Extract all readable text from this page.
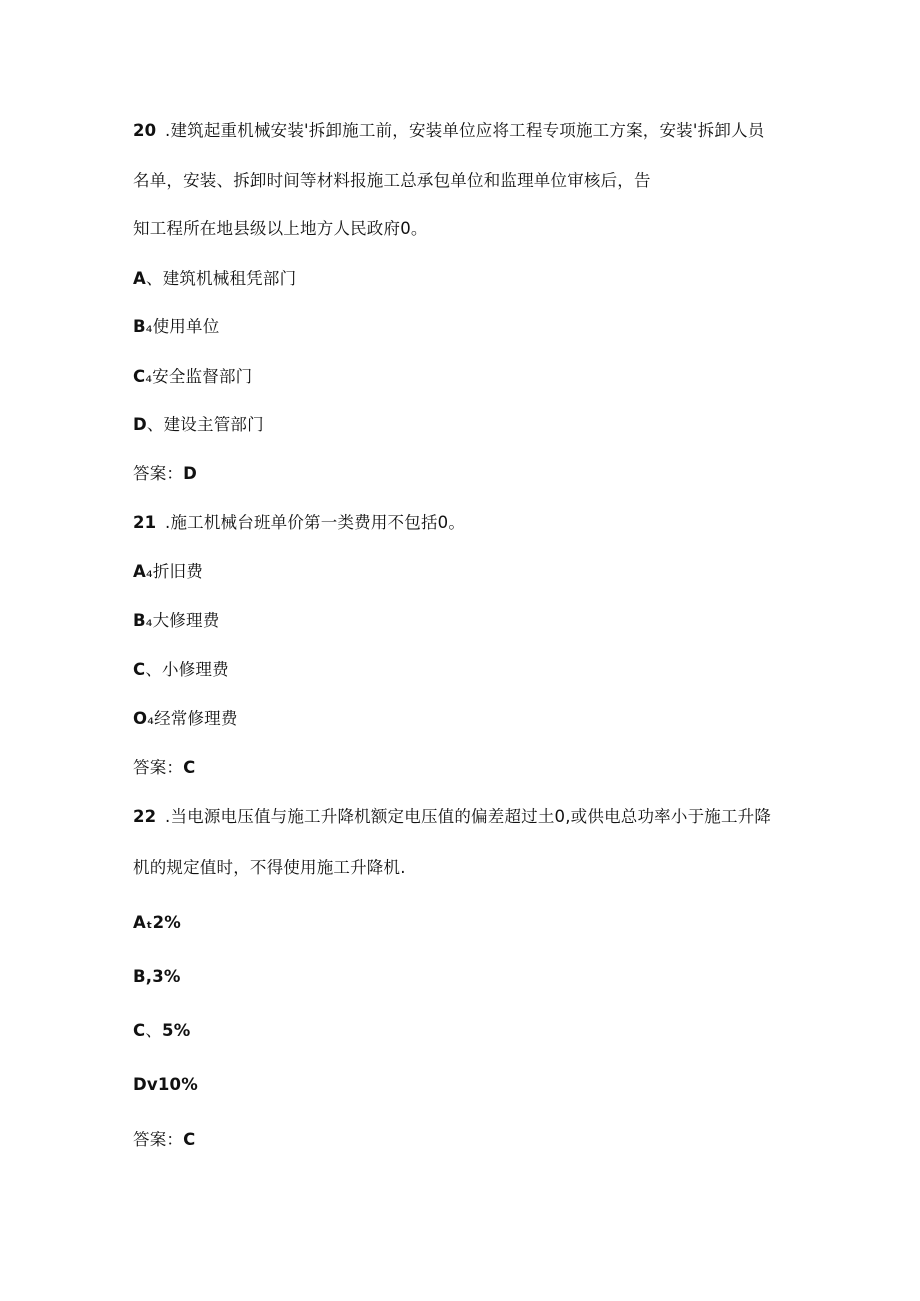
20 .建筑起重机械安装'拆卸施工前，安装单位应将工程专项施工方案，安装'拆卸人员
名单，安装、拆卸时间等材料报施工总承包单位和监理单位审核后，告
知工程所在地县级以上地方人民政府0。
A、建筑机械租凭部门
B₄使用单位
C₄安全监督部门
D、建设主管部门
答案：D
21 .施工机械台班单价第一类费用不包括0。
A₄折旧费
B₄大修理费
C、小修理费
O₄经常修理费
答案：C
22 .当电源电压值与施工升降机额定电压值的偏差超过土0,或供电总功率小于施工升降
机的规定值时，不得使用施工升降机.
Aₜ2%
B,3%
C、5%
Dv10%
答案：C
